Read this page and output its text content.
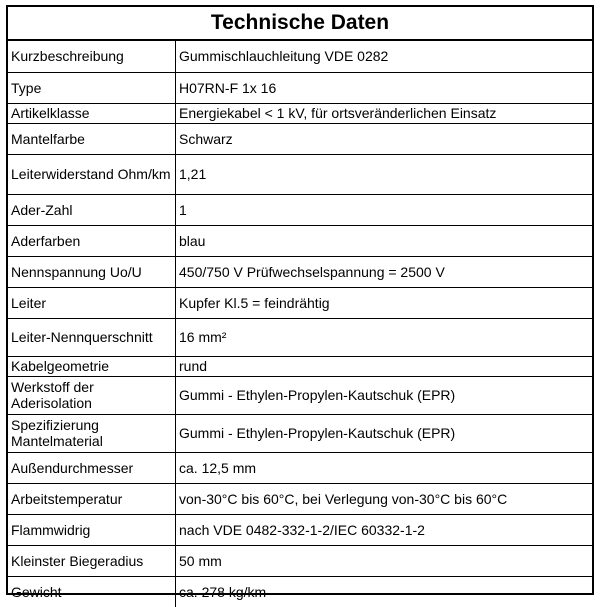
Technische Daten
Kurzbeschreibung	Gummischlauchleitung VDE 0282
Type	H07RN-F 1x 16
Artikelklasse	Energiekabel < 1 kV, für ortsveränderlichen Einsatz
Mantelfarbe	Schwarz
Leiterwiderstand Ohm/km	1,21
Ader-Zahl	1
Aderfarben	blau
Nennspannung Uo/U	450/750 V Prüfwechselspannung = 2500 V
Leiter	Kupfer Kl.5 = feindrähtig
Leiter-Nennquerschnitt	16 mm²
Kabelgeometrie	rund
Werkstoff der Aderisolation	Gummi - Ethylen-Propylen-Kautschuk (EPR)
Spezifizierung Mantelmaterial	Gummi - Ethylen-Propylen-Kautschuk (EPR)
Außendurchmesser	ca. 12,5 mm
Arbeitstemperatur	von-30°C bis 60°C, bei Verlegung von-30°C bis 60°C
Flammwidrig	nach VDE 0482-332-1-2/IEC 60332-1-2
Kleinster Biegeradius	50 mm
Gewicht	ca. 278 kg/km
